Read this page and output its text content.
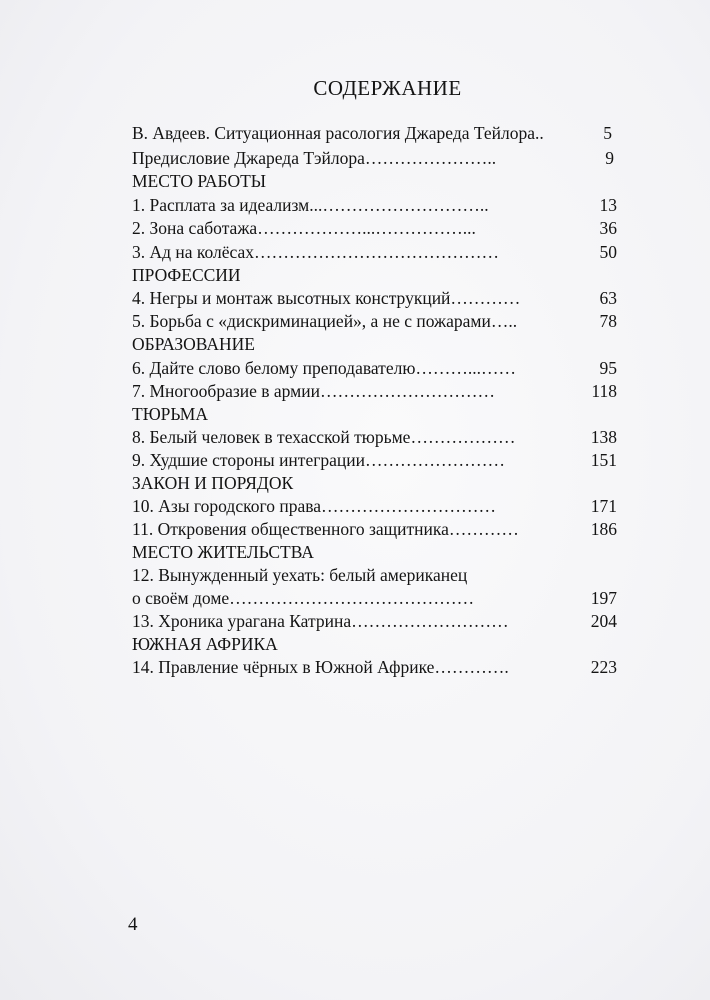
СОДЕРЖАНИЕ
В. Авдеев. Ситуационная расология Джареда Тейлора..	5
Предисловие Джареда Тэйлора…………………..	9
МЕСТО РАБОТЫ
1. Расплата за идеализм...………………………..	13
2. Зона саботажа………………...……………...	36
3. Ад на колёсах……………………………………	50
ПРОФЕССИИ
4. Негры и монтаж высотных конструкций…………	63
5. Борьба с «дискриминацией», а не с пожарами…..	78
ОБРАЗОВАНИЕ
6. Дайте слово белому преподавателю………...……	95
7. Многообразие в армии…………………………	118
ТЮРЬМА
8. Белый человек в техасской тюрьме………………	138
9. Худшие стороны интеграции……………………	151
ЗАКОН И ПОРЯДОК
10. Азы городского права…………………………	171
11. Откровения общественного защитника…………	186
МЕСТО ЖИТЕЛЬСТВА
12. Вынужденный уехать: белый американец
о своём доме……………………………………	197
13. Хроника урагана Катрина………………………	204
ЮЖНАЯ АФРИКА
14. Правление чёрных в Южной Африке………….	223
4
